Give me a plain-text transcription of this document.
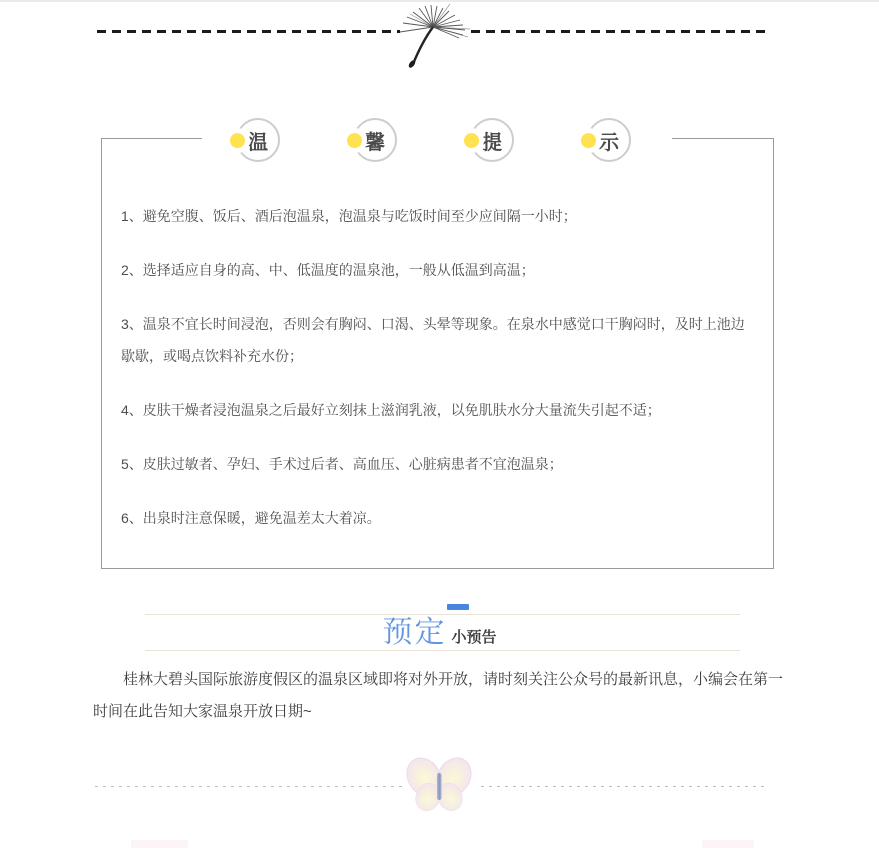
温	馨	提	示
1、避免空腹、饭后、酒后泡温泉，泡温泉与吃饭时间至少应间隔一小时；
2、选择适应自身的高、中、低温度的温泉池，一般从低温到高温；
3、温泉不宜长时间浸泡，否则会有胸闷、口渴、头晕等现象。在泉水中感觉口干胸闷时，及时上池边歇歇，或喝点饮料补充水份；
4、皮肤干燥者浸泡温泉之后最好立刻抹上滋润乳液，以免肌肤水分大量流失引起不适；
5、皮肤过敏者、孕妇、手术过后者、高血压、心脏病患者不宜泡温泉；
6、出泉时注意保暖，避免温差太大着凉。
预定 小预告
桂林大碧头国际旅游度假区的温泉区域即将对外开放，请时刻关注公众号的最新讯息，小编会在第一时间在此告知大家温泉开放日期~
